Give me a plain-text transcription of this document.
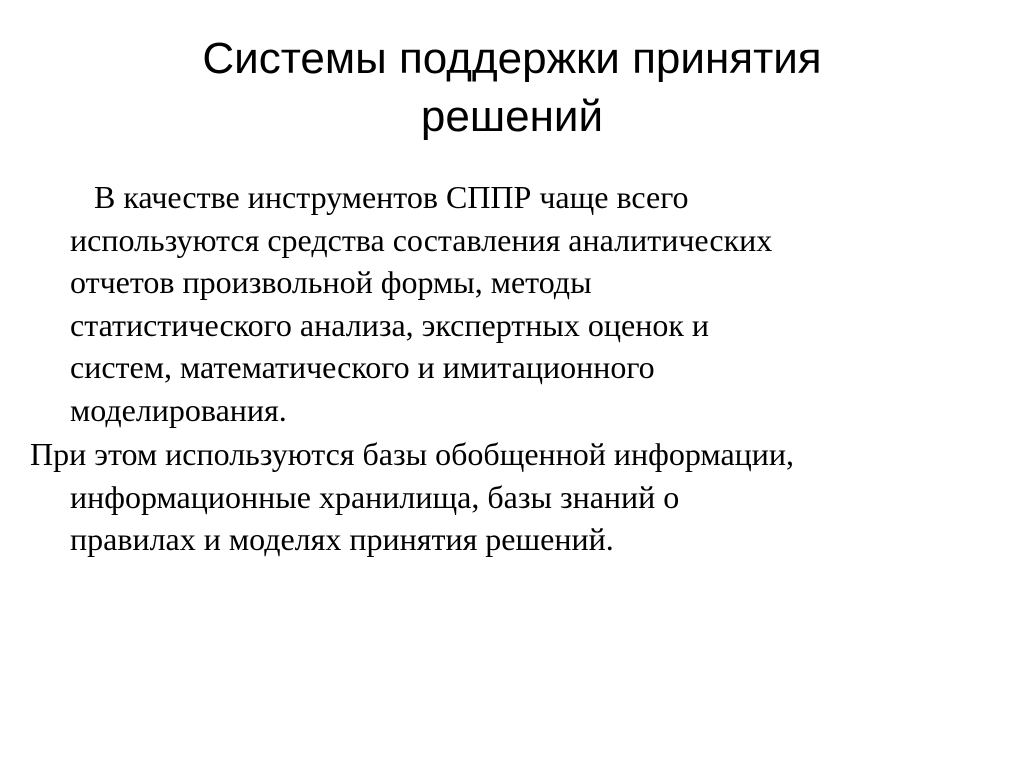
Системы поддержки принятия
решений

В качестве инструментов СППР чаще всего
используются средства составления аналитических
отчетов произвольной формы, методы
статистического анализа, экспертных оценок и
систем, математического и имитационного
моделирования.

При этом используются базы обобщенной информации,
информационные хранилища, базы знаний о
правилах и моделях принятия решений.
